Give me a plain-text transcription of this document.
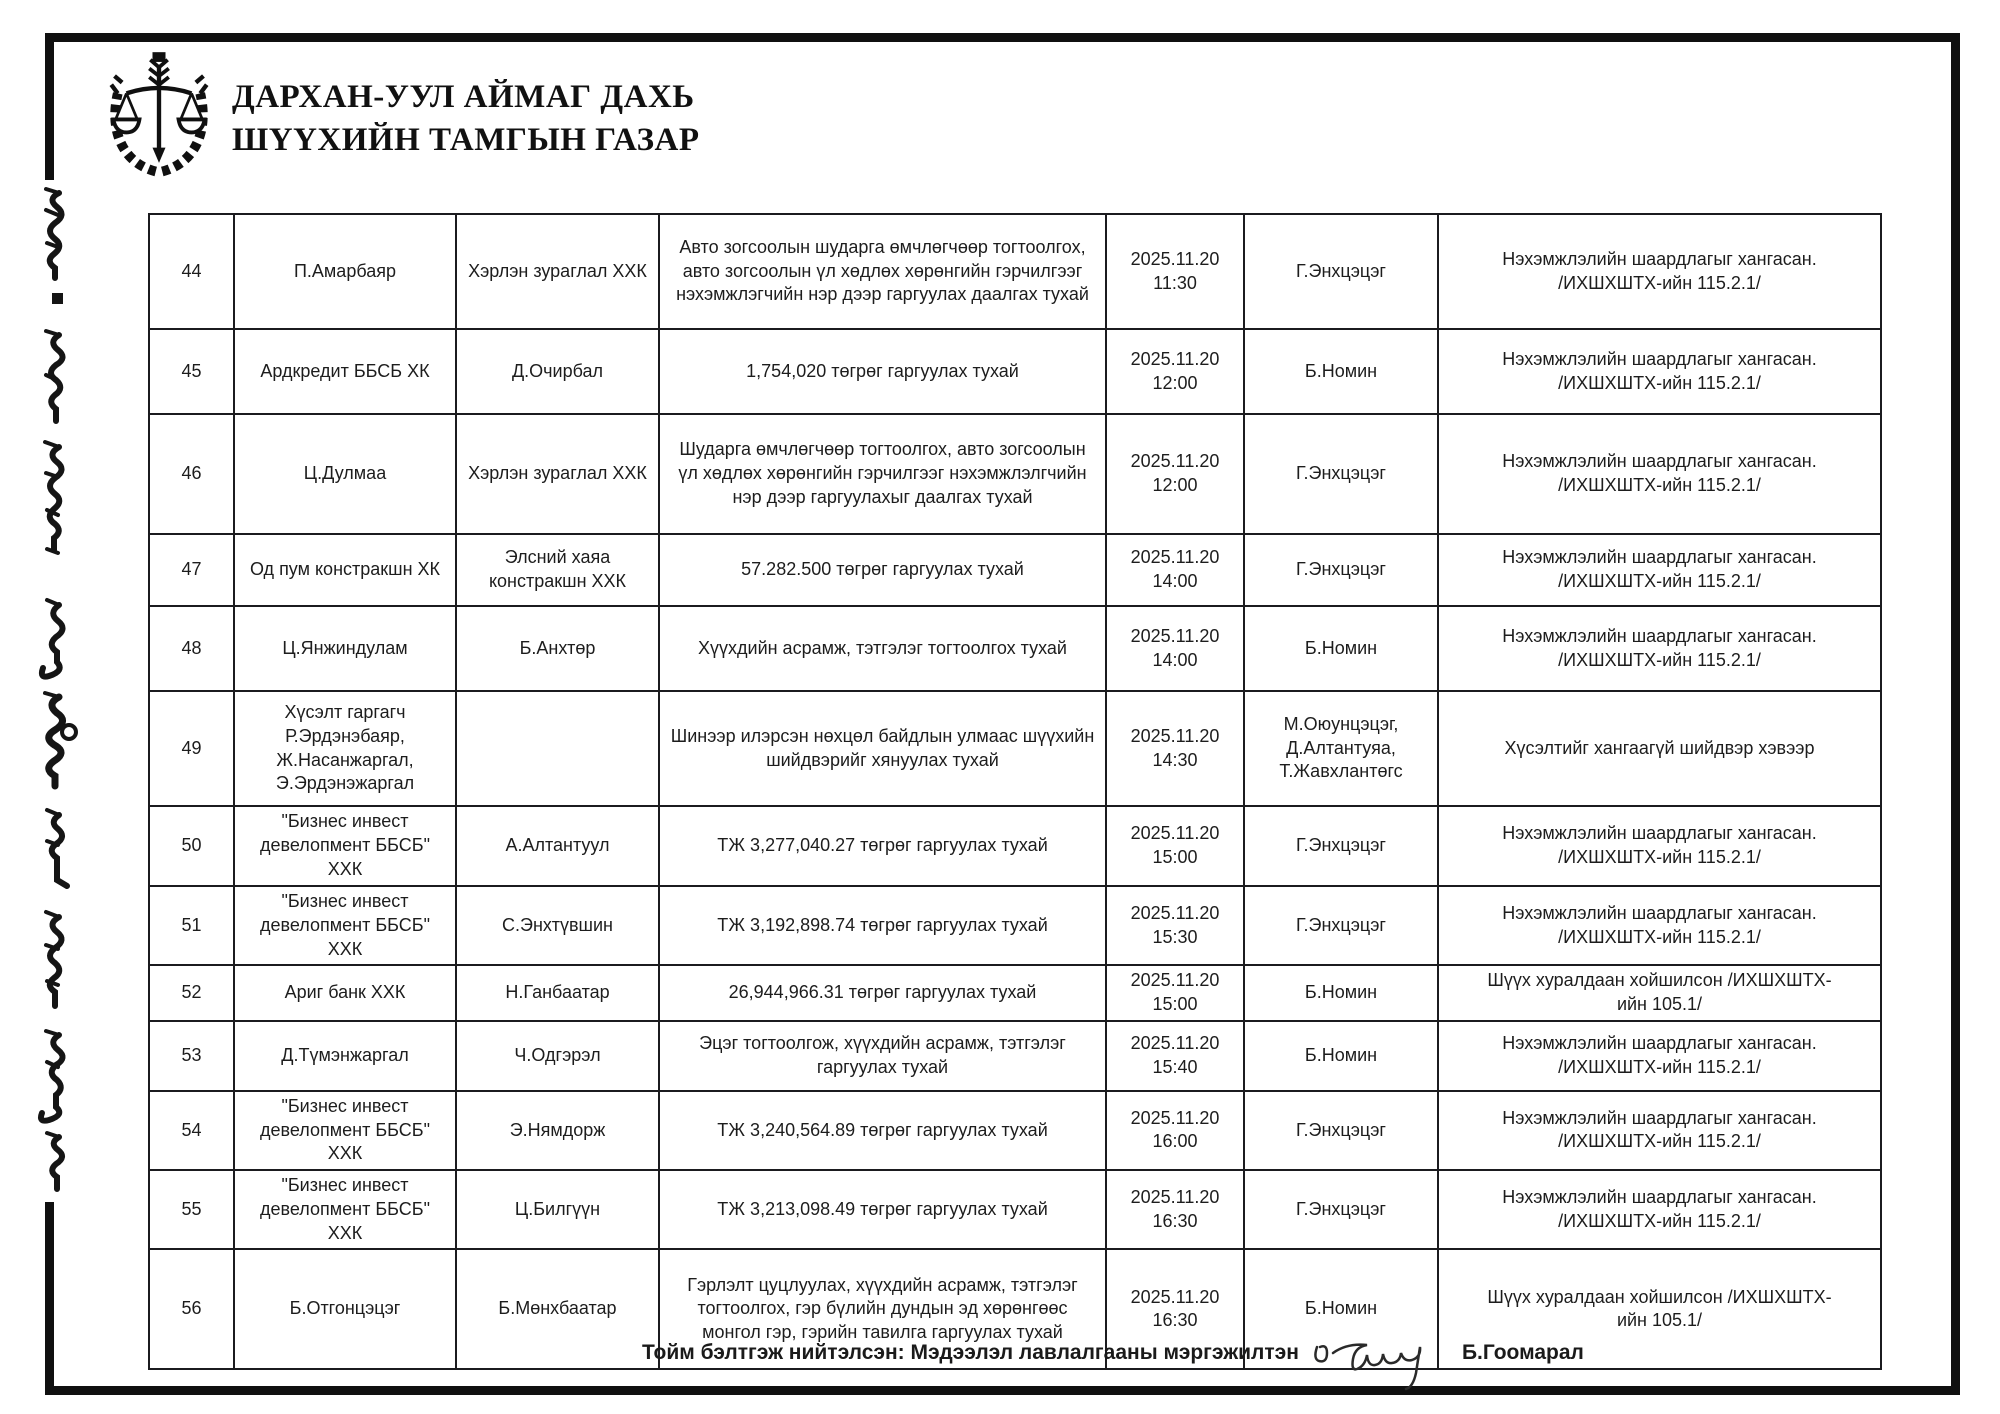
ДАРХАН-УУЛ АЙМАГ ДАХЬ
ШҮҮХИЙН ТАМГЫН ГАЗАР
44	П.Амарбаяр	Хэрлэн зураглал ХХК	Авто зогсоолын шударга өмчлөгчөөр тогтоолгох, авто зогсоолын үл хөдлөх хөрөнгийн гэрчилгээг нэхэмжлэгчийн нэр дээр гаргуулах даалгах тухай	2025.11.20 11:30	Г.Энхцэцэг	Нэхэмжлэлийн шаардлагыг хангасан.
/ИХШХШТХ-ийн 115.2.1/

45	Ардкредит ББСБ ХК	Д.Очирбал	1,754,020 төгрөг гаргуулах тухай	2025.11.20 12:00	Б.Номин	Нэхэмжлэлийн шаардлагыг хангасан.
/ИХШХШТХ-ийн 115.2.1/

46	Ц.Дулмаа	Хэрлэн зураглал ХХК	Шударга өмчлөгчөөр тогтоолгох, авто зогсоолын үл хөдлөх хөрөнгийн гэрчилгээг нэхэмжлэлгчийн нэр дээр гаргуулахыг даалгах тухай	2025.11.20 12:00	Г.Энхцэцэг	Нэхэмжлэлийн шаардлагыг хангасан.
/ИХШХШТХ-ийн 115.2.1/

47	Од пум констракшн ХК	Элсний хаяа констракшн ХХК	57.282.500 төгрөг гаргуулах тухай	2025.11.20 14:00	Г.Энхцэцэг	Нэхэмжлэлийн шаардлагыг хангасан.
/ИХШХШТХ-ийн 115.2.1/

48	Ц.Янжиндулам	Б.Анхтөр	Хүүхдийн асрамж, тэтгэлэг тогтоолгох тухай	2025.11.20 14:00	Б.Номин	Нэхэмжлэлийн шаардлагыг хангасан.
/ИХШХШТХ-ийн 115.2.1/

49	Хүсэлт гаргагч Р.Эрдэнэбаяр, Ж.Насанжаргал, Э.Эрдэнэжаргал		Шинээр илэрсэн нөхцөл байдлын улмаас шүүхийн шийдвэрийг хянуулах тухай	2025.11.20 14:30	М.Оюунцэцэг, Д.Алтантуяа, Т.Жавхлантөгс	Хүсэлтийг хангаагүй шийдвэр хэвээр

50	"Бизнес инвест девелопмент ББСБ" ХХК	А.Алтантуул	ТЖ 3,277,040.27 төгрөг гаргуулах тухай	2025.11.20 15:00	Г.Энхцэцэг	Нэхэмжлэлийн шаардлагыг хангасан.
/ИХШХШТХ-ийн 115.2.1/

51	"Бизнес инвест девелопмент ББСБ" ХХК	С.Энхтүвшин	ТЖ 3,192,898.74 төгрөг гаргуулах тухай	2025.11.20 15:30	Г.Энхцэцэг	Нэхэмжлэлийн шаардлагыг хангасан.
/ИХШХШТХ-ийн 115.2.1/

52	Ариг банк ХХК	Н.Ганбаатар	26,944,966.31 төгрөг гаргуулах тухай	2025.11.20 15:00	Б.Номин	Шүүх хуралдаан хойшилсон /ИХШХШТХ-
ийн 105.1/

53	Д.Түмэнжаргал	Ч.Одгэрэл	Эцэг тогтоолгож, хүүхдийн асрамж, тэтгэлэг гаргуулах тухай	2025.11.20 15:40	Б.Номин	Нэхэмжлэлийн шаардлагыг хангасан.
/ИХШХШТХ-ийн 115.2.1/

54	"Бизнес инвест девелопмент ББСБ" ХХК	Э.Нямдорж	ТЖ 3,240,564.89 төгрөг гаргуулах тухай	2025.11.20 16:00	Г.Энхцэцэг	Нэхэмжлэлийн шаардлагыг хангасан.
/ИХШХШТХ-ийн 115.2.1/

55	"Бизнес инвест девелопмент ББСБ" ХХК	Ц.Билгүүн	ТЖ 3,213,098.49 төгрөг гаргуулах тухай	2025.11.20 16:30	Г.Энхцэцэг	Нэхэмжлэлийн шаардлагыг хангасан.
/ИХШХШТХ-ийн 115.2.1/

56	Б.Отгонцэцэг	Б.Мөнхбаатар	Гэрлэлт цуцлуулах, хүүхдийн асрамж, тэтгэлэг тогтоолгох, гэр бүлийн дундын эд хөрөнгөөс монгол гэр, гэрийн тавилга гаргуулах тухай	2025.11.20 16:30	Б.Номин	Шүүх хуралдаан хойшилсон /ИХШХШТХ-
ийн 105.1/
Тойм бэлтгэж нийтэлсэн: Мэдээлэл лавлалгааны мэргэжилтэн	Б.Гоомарал
